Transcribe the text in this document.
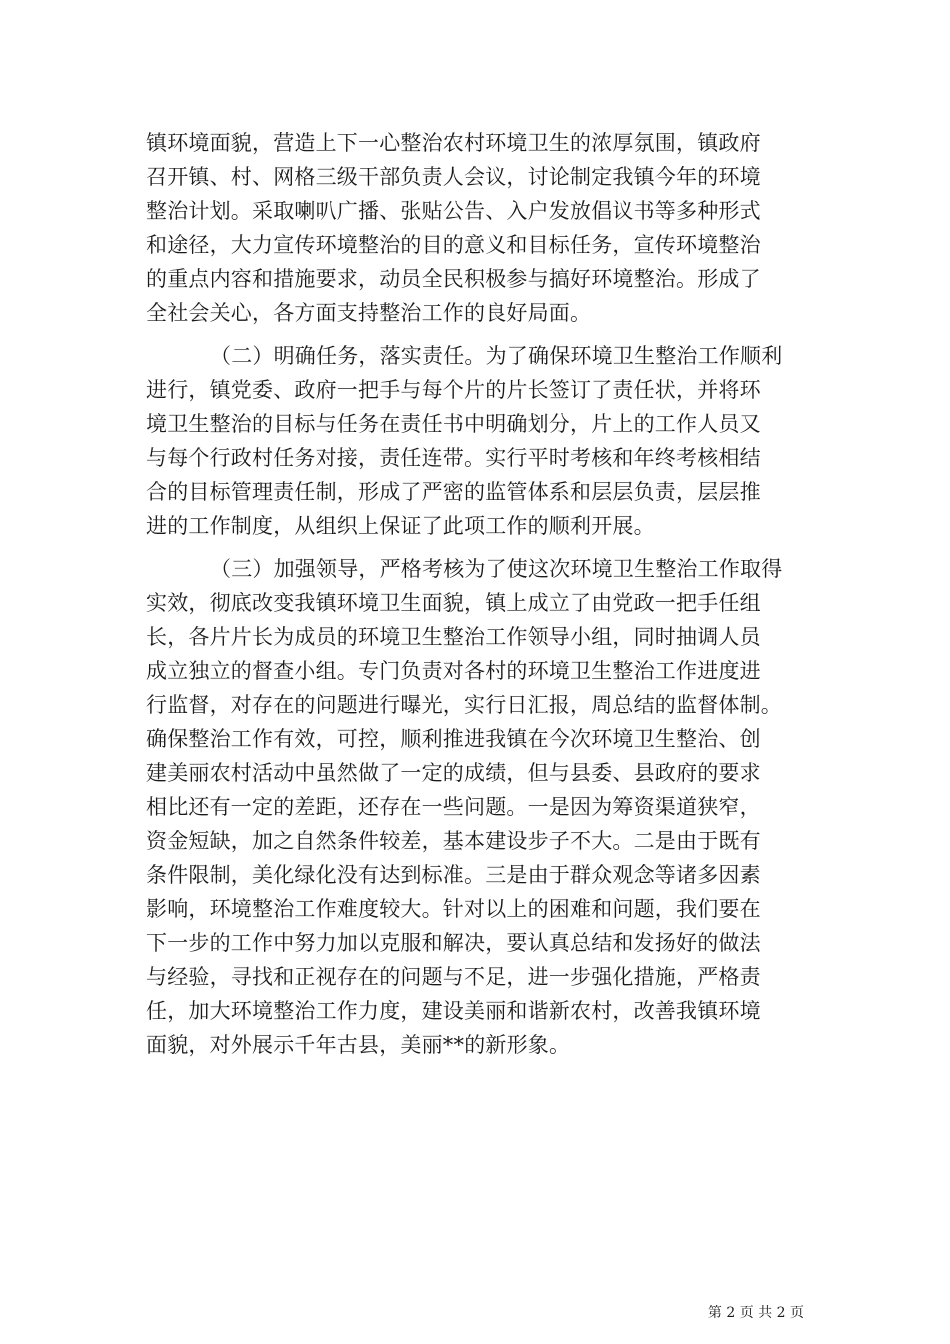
镇环境面貌，营造上下一心整治农村环境卫生的浓厚氛围，镇政府
召开镇、村、网格三级干部负责人会议，讨论制定我镇今年的环境
整治计划。采取喇叭广播、张贴公告、入户发放倡议书等多种形式
和途径，大力宣传环境整治的目的意义和目标任务，宣传环境整治
的重点内容和措施要求，动员全民积极参与搞好环境整治。形成了
全社会关心，各方面支持整治工作的良好局面。
（二）明确任务，落实责任。为了确保环境卫生整治工作顺利
进行，镇党委、政府一把手与每个片的片长签订了责任状，并将环
境卫生整治的目标与任务在责任书中明确划分，片上的工作人员又
与每个行政村任务对接，责任连带。实行平时考核和年终考核相结
合的目标管理责任制，形成了严密的监管体系和层层负责，层层推
进的工作制度，从组织上保证了此项工作的顺利开展。
（三）加强领导，严格考核为了使这次环境卫生整治工作取得
实效，彻底改变我镇环境卫生面貌，镇上成立了由党政一把手任组
长，各片片长为成员的环境卫生整治工作领导小组，同时抽调人员
成立独立的督查小组。专门负责对各村的环境卫生整治工作进度进
行监督，对存在的问题进行曝光，实行日汇报，周总结的监督体制。
确保整治工作有效，可控，顺利推进我镇在今次环境卫生整治、创
建美丽农村活动中虽然做了一定的成绩，但与县委、县政府的要求
相比还有一定的差距，还存在一些问题。一是因为筹资渠道狭窄，
资金短缺，加之自然条件较差，基本建设步子不大。二是由于既有
条件限制，美化绿化没有达到标准。三是由于群众观念等诸多因素
影响，环境整治工作难度较大。针对以上的困难和问题，我们要在
下一步的工作中努力加以克服和解决，要认真总结和发扬好的做法
与经验，寻找和正视存在的问题与不足，进一步强化措施，严格责
任，加大环境整治工作力度，建设美丽和谐新农村，改善我镇环境
面貌，对外展示千年古县，美丽**的新形象。
第 2 页 共 2 页
